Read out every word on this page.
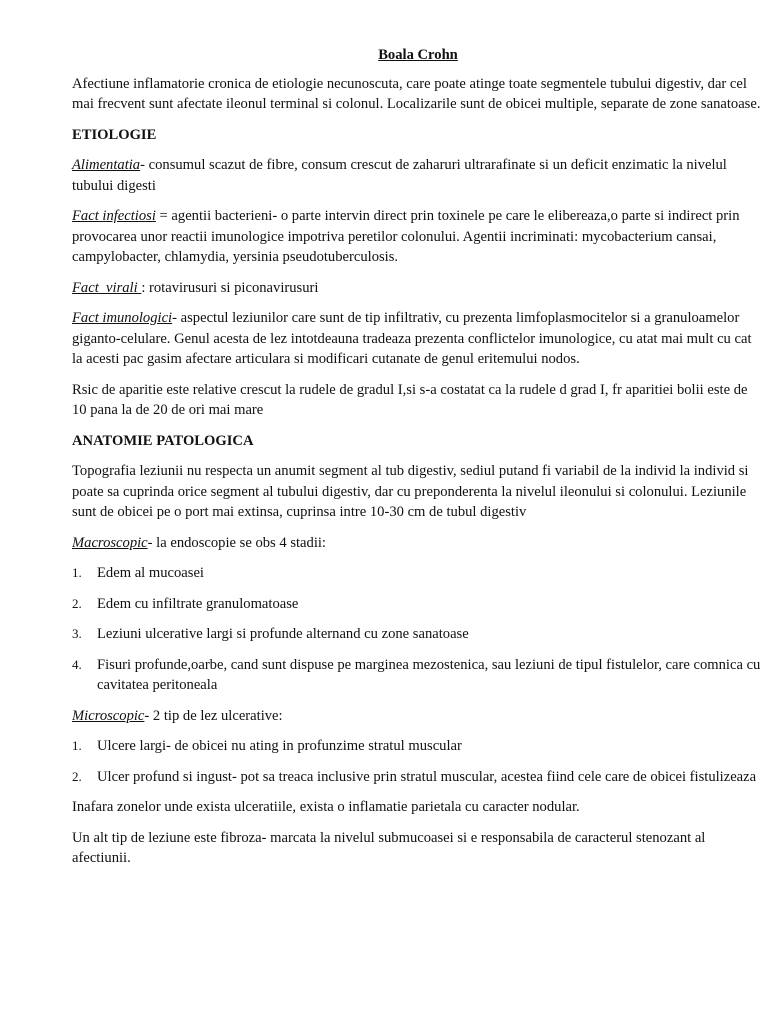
Boala Crohn

Afectiune inflamatorie cronica de etiologie necunoscuta, care poate atinge toate segmentele tubului digestiv, dar cel mai frecvent sunt afectate ileonul terminal si colonul. Localizarile sunt de obicei multiple, separate de zone sanatoase.

ETIOLOGIE

Alimentatia- consumul scazut de fibre, consum crescut de zaharuri ultrarafinate si un deficit enzimatic la nivelul tubului digesti

Fact infectiosi = agentii bacterieni- o parte intervin direct prin toxinele pe care le elibereaza,o parte si indirect prin provocarea unor reactii imunologice impotriva peretilor colonului. Agentii incriminati: mycobacterium cansai, campylobacter, chlamydia, yersinia pseudotuberculosis.

Fact  virali : rotavirusuri si piconavirusuri

Fact imunologici- aspectul leziunilor care sunt de tip infiltrativ, cu prezenta limfoplasmocitelor si a granuloamelor giganto-celulare. Genul acesta de lez intotdeauna tradeaza prezenta conflictelor imunologice, cu atat mai mult cu cat la acesti pac gasim afectare articulara si modificari cutanate de genul eritemului nodos.

Rsic de aparitie este relative crescut la rudele de gradul I,si s-a costatat ca la rudele d grad I, fr aparitiei bolii este de 10 pana la de 20 de ori mai mare

ANATOMIE PATOLOGICA

Topografia leziunii nu respecta un anumit segment al tub digestiv, sediul putand fi variabil de la individ la individ si poate sa cuprinda orice segment al tubului digestiv, dar cu preponderenta la nivelul ileonului si colonului. Leziunile sunt de obicei pe o port mai extinsa, cuprinsa intre 10-30 cm de tubul digestiv

Macroscopic- la endoscopie se obs 4 stadii:

1. Edem al mucoasei
2. Edem cu infiltrate granulomatoase
3. Leziuni ulcerative largi si profunde alternand cu zone sanatoase
4. Fisuri profunde,oarbe, cand sunt dispuse pe marginea mezostenica, sau leziuni de tipul fistulelor, care comnica cu cavitatea peritoneala

Microscopic- 2 tip de lez ulcerative:

1. Ulcere largi- de obicei nu ating in profunzime stratul muscular
2. Ulcer profund si ingust- pot sa treaca inclusive prin stratul muscular, acestea fiind cele care de obicei fistulizeaza

Inafara zonelor unde exista ulceratiile, exista o inflamatie parietala cu caracter nodular.

Un alt tip de leziune este fibroza- marcata la nivelul submucoasei si e responsabila de caracterul stenozant al afectiunii.
